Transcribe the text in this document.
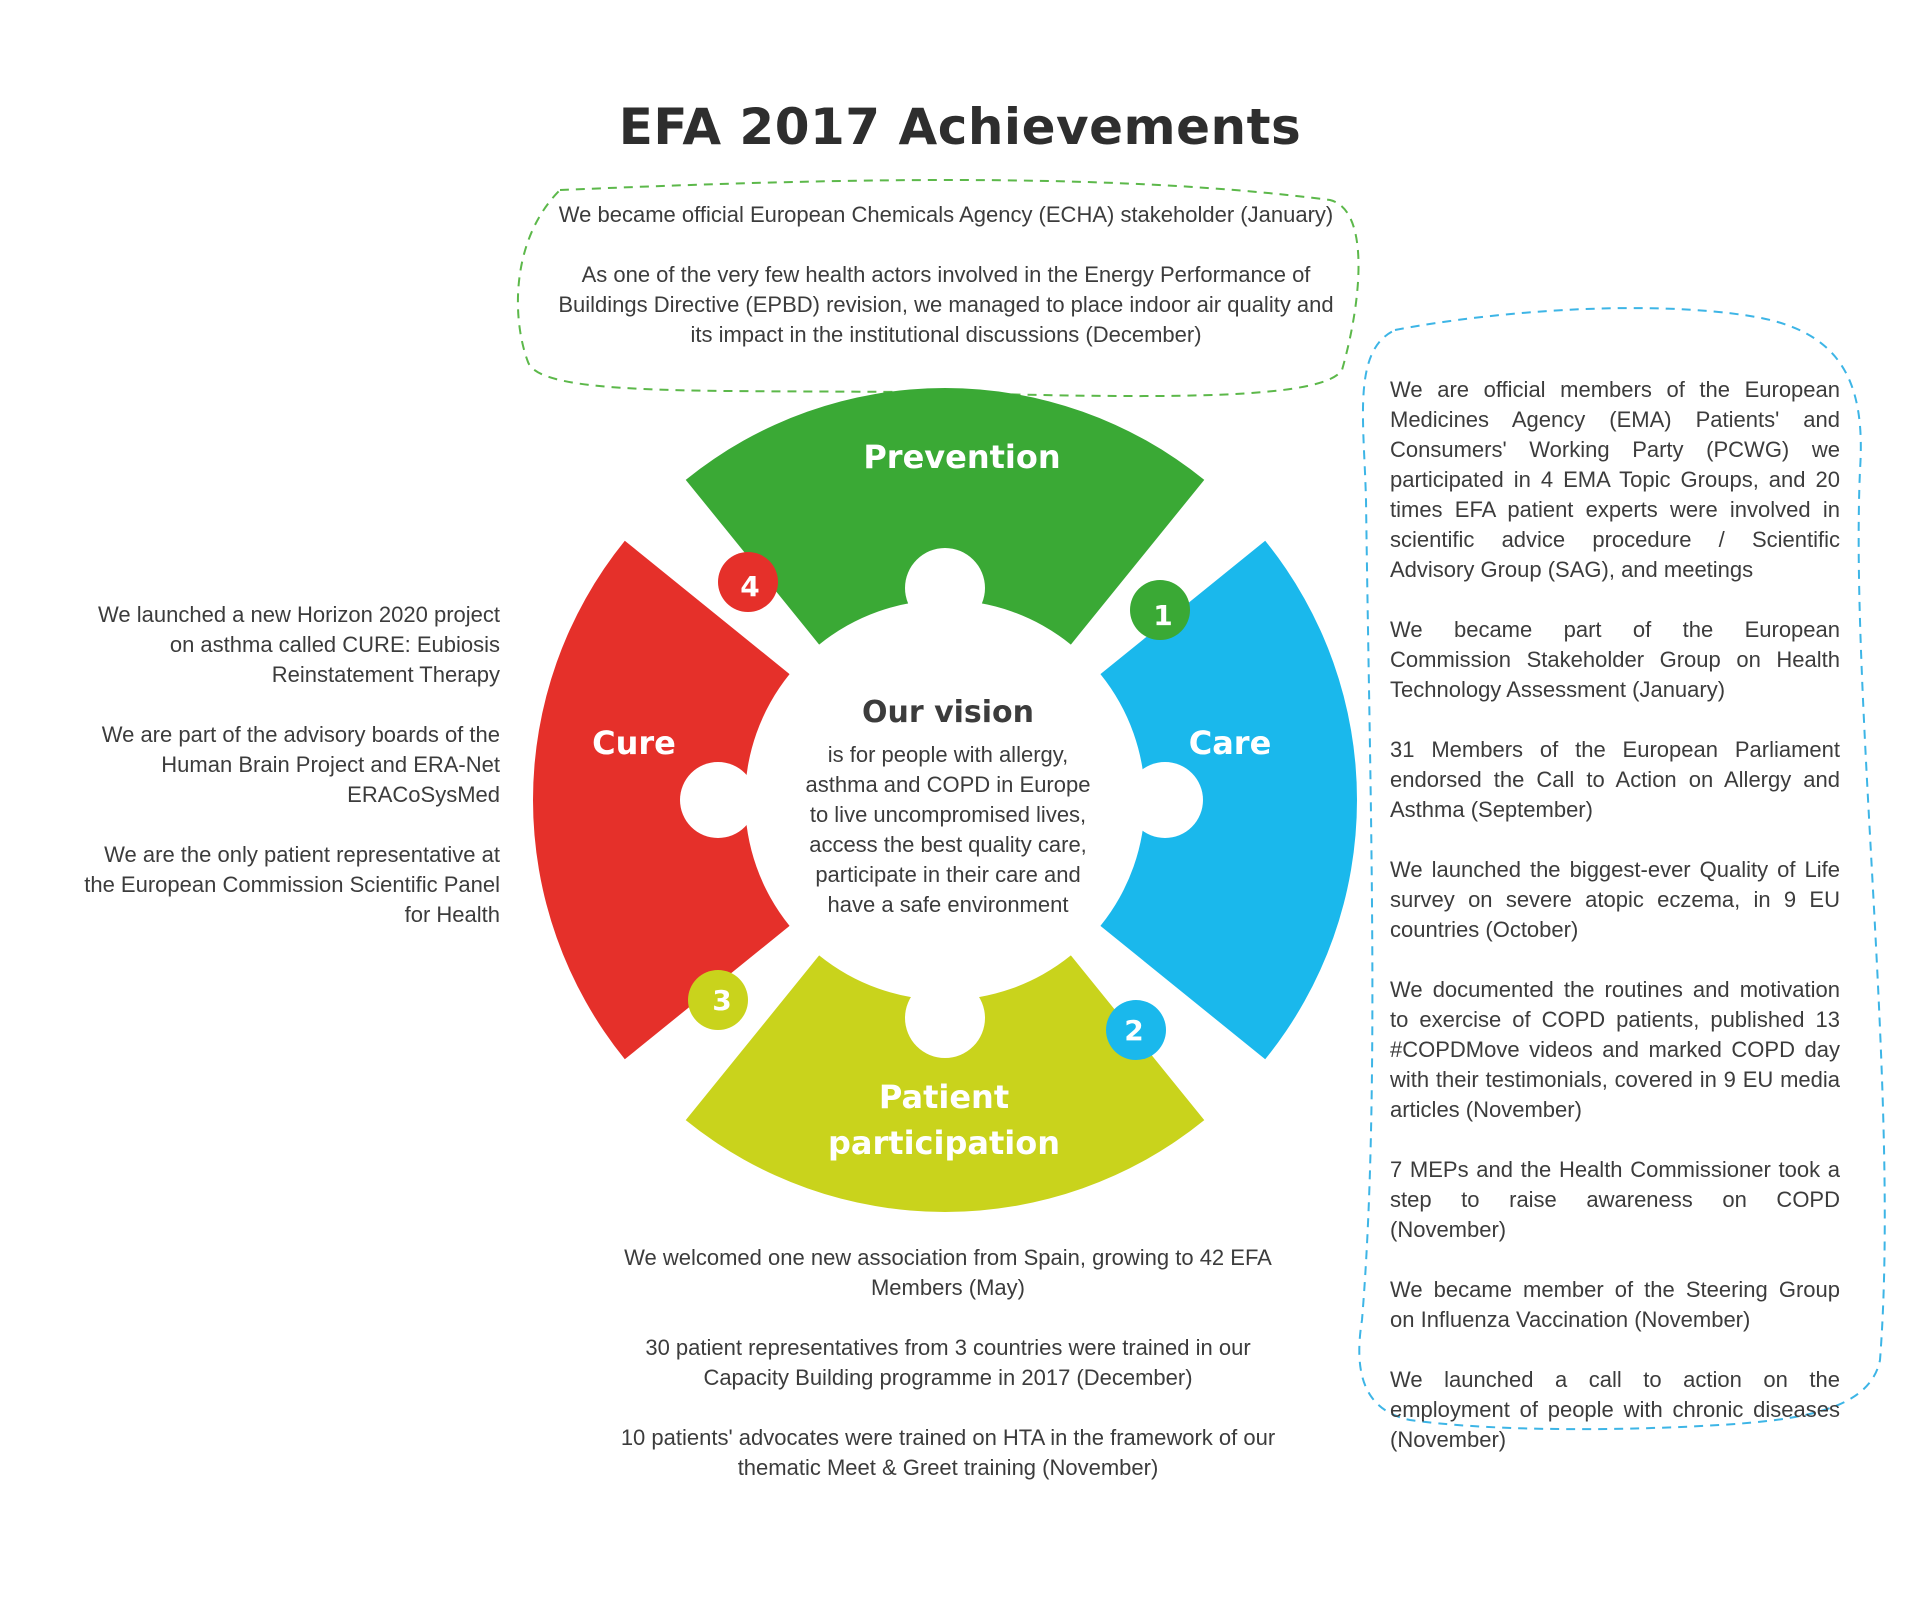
EFA 2017 Achievements
Prevention
Care
Cure
Patient
participation
1
2
3
4
Our vision
is for people with allergy,
asthma and COPD in Europe
to live uncompromised lives,
access the best quality care,
participate in their care and
have a safe environment

We became official European Chemicals Agency (ECHA) stakeholder (January)

As one of the very few health actors involved in the Energy Performance of Buildings Directive (EPBD) revision, we managed to place indoor air quality and its impact in the institutional discussions (December)

We launched a new Horizon 2020 project on asthma called CURE: Eubiosis Reinstatement Therapy

We are part of the advisory boards of the Human Brain Project and ERA-Net ERACoSysMed

We are the only patient representative at the European Commission Scientific Panel for Health

We welcomed one new association from Spain, growing to 42 EFA Members (May)

30 patient representatives from 3 countries were trained in our Capacity Building programme in 2017 (December)

10 patients' advocates were trained on HTA in the framework of our thematic Meet & Greet training (November)

We are official members of the European Medicines Agency (EMA) Patients' and Consumers' Working Party (PCWG) we participated in 4 EMA Topic Groups, and 20 times EFA patient experts were involved in scientific advice procedure / Scientific Advisory Group (SAG), and meetings

We became part of the European Commission Stakeholder Group on Health Technology Assessment (January)

31 Members of the European Parliament endorsed the Call to Action on Allergy and Asthma (September)

We launched the biggest-ever Quality of Life survey on severe atopic eczema, in 9 EU countries (October)

We documented the routines and motivation to exercise of COPD patients, published 13 #COPDMove videos and marked COPD day with their testimonials, covered in 9 EU media articles (November)

7 MEPs and the Health Commissioner took a step to raise awareness on COPD (November)

We became member of the Steering Group on Influenza Vaccination (November)

We launched a call to action on the employment of people with chronic diseases (November)
